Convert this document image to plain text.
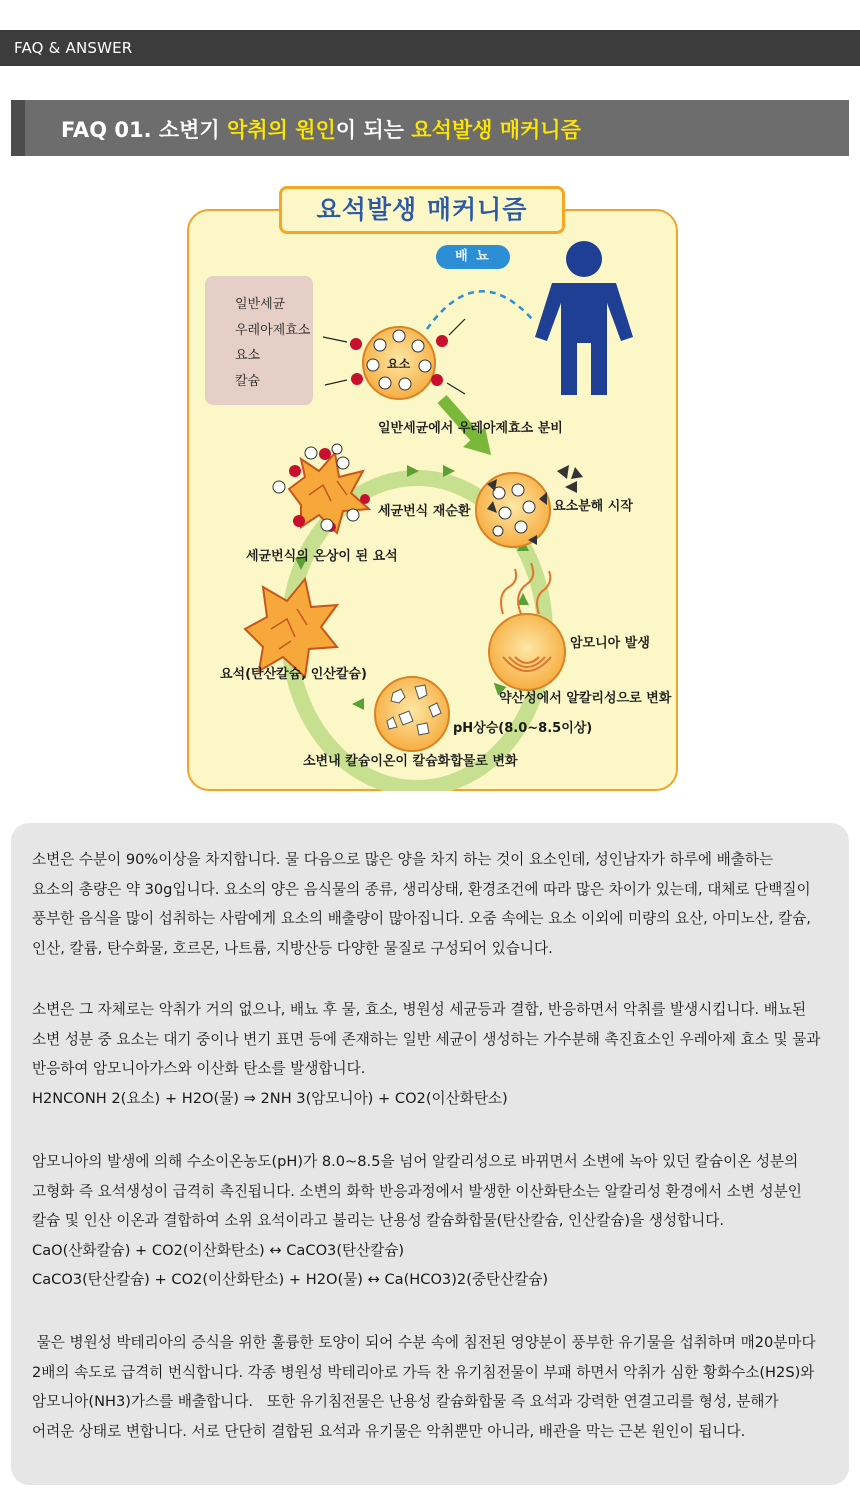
FAQ & ANSWER
FAQ 01. 소변기 악취의 원인이 되는 요석발생 매커니즘
요석발생 매커니즘
배 뇨
일반세균
우레아제효소
요소
칼슘
요소
일반세균에서 우레아제효소 분비
요소분해 시작
세균번식 재순환
세균번식의 온상이 된 요석
암모니아 발생
약산성에서 알칼리성으로 변화
pH상승(8.0~8.5이상)
소변내 칼슘이온이 칼슘화합물로 변화
요석(탄산칼슘, 인산칼슘)

소변은 수분이 90%이상을 차지합니다. 물 다음으로 많은 양을 차지 하는 것이 요소인데, 성인남자가 하루에 배출하는

요소의 총량은 약 30g입니다. 요소의 양은 음식물의 종류, 생리상태, 환경조건에 따라 많은 차이가 있는데, 대체로 단백질이

풍부한 음식을 많이 섭취하는 사람에게 요소의 배출량이 많아집니다. 오줌 속에는 요소 이외에 미량의 요산, 아미노산, 칼슘,

인산, 칼륨, 탄수화물, 호르몬, 나트륨, 지방산등 다양한 물질로 구성되어 있습니다.

소변은 그 자체로는 악취가 거의 없으나, 배뇨 후 물, 효소, 병원성 세균등과 결합, 반응하면서 악취를 발생시킵니다. 배뇨된

소변 성분 중 요소는 대기 중이나 변기 표면 등에 존재하는 일반 세균이 생성하는 가수분해 촉진효소인 우레아제 효소 및 물과

반응하여 암모니아가스와 이산화 탄소를 발생합니다.

H2NCONH 2(요소) + H2O(물) ⇒ 2NH 3(암모니아) + CO2(이산화탄소)

암모니아의 발생에 의해 수소이온농도(pH)가 8.0~8.5을 넘어 알칼리성으로 바뀌면서 소변에 녹아 있던 칼슘이온 성분의

고형화 즉 요석생성이 급격히 촉진됩니다. 소변의 화학 반응과정에서 발생한 이산화탄소는 알칼리성 환경에서 소변 성분인

칼슘 및 인산 이온과 결합하여 소위 요석이라고 불리는 난용성 칼슘화합물(탄산칼슘, 인산칼슘)을 생성합니다.

CaO(산화칼슘) + CO2(이산화탄소) ↔ CaCO3(탄산칼슘)

CaCO3(탄산칼슘) + CO2(이산화탄소) + H2O(물) ↔ Ca(HCO3)2(중탄산칼슘)

물은 병원성 박테리아의 증식을 위한 훌륭한 토양이 되어 수분 속에 침전된 영양분이 풍부한 유기물을 섭취하며 매20분마다

2배의 속도로 급격히 번식합니다. 각종 병원성 박테리아로 가득 찬 유기침전물이 부패 하면서 악취가 심한 황화수소(H2S)와

암모니아(NH3)가스를 배출합니다.   또한 유기침전물은 난용성 칼슘화합물 즉 요석과 강력한 연결고리를 형성, 분해가

어려운 상태로 변합니다. 서로 단단히 결합된 요석과 유기물은 악취뿐만 아니라, 배관을 막는 근본 원인이 됩니다.
